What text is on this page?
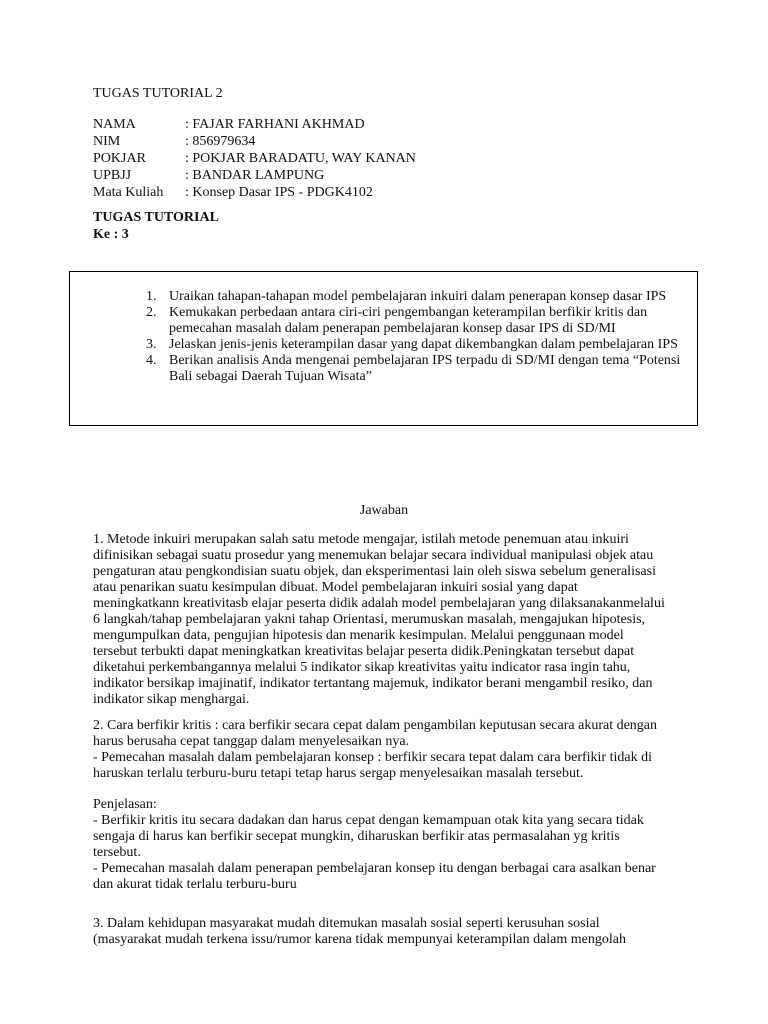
TUGAS TUTORIAL 2
NAMA	: FAJAR FARHANI AKHMAD
NIM	: 856979634
POKJAR	: POKJAR BARADATU, WAY KANAN
UPBJJ	: BANDAR LAMPUNG
Mata Kuliah	: Konsep Dasar IPS - PDGK4102
TUGAS TUTORIAL
Ke : 3
1. Uraikan tahapan-tahapan model pembelajaran inkuiri dalam penerapan konsep dasar IPS
2. Kemukakan perbedaan antara ciri-ciri pengembangan keterampilan berfikir kritis dan pemecahan masalah dalam penerapan pembelajaran konsep dasar IPS di SD/MI
3. Jelaskan jenis-jenis keterampilan dasar yang dapat dikembangkan dalam pembelajaran IPS
4. Berikan analisis Anda mengenai pembelajaran IPS terpadu di SD/MI dengan tema “Potensi Bali sebagai Daerah Tujuan Wisata”
Jawaban
1. Metode inkuiri merupakan salah satu metode mengajar, istilah metode penemuan atau inkuiri
difinisikan sebagai suatu prosedur yang menemukan belajar secara individual manipulasi objek atau
pengaturan atau pengkondisian suatu objek, dan eksperimentasi lain oleh siswa sebelum generalisasi
atau penarikan suatu kesimpulan dibuat. Model pembelajaran inkuiri sosial yang dapat
meningkatkann kreativitasb elajar peserta didik adalah model pembelajaran yang dilaksanakanmelalui
6 langkah/tahap pembelajaran yakni tahap Orientasi, merumuskan masalah, mengajukan hipotesis,
mengumpulkan data, pengujian hipotesis dan menarik kesimpulan. Melalui penggunaan model
tersebut terbukti dapat meningkatkan kreativitas belajar peserta didik.Peningkatan tersebut dapat
diketahui perkembangannya melalui 5 indikator sikap kreativitas yaitu indicator rasa ingin tahu,
indikator bersikap imajinatif, indikator tertantang majemuk, indikator berani mengambil resiko, dan
indikator sikap menghargai.
2. Cara berfikir kritis : cara berfikir secara cepat dalam pengambilan keputusan secara akurat dengan
harus berusaha cepat tanggap dalam menyelesaikan nya.
- Pemecahan masalah dalam pembelajaran konsep : berfikir secara tepat dalam cara berfikir tidak di
haruskan terlalu terburu-buru tetapi tetap harus sergap menyelesaikan masalah tersebut.
Penjelasan:
- Berfikir kritis itu secara dadakan dan harus cepat dengan kemampuan otak kita yang secara tidak
sengaja di harus kan berfikir secepat mungkin, diharuskan berfikir atas permasalahan yg kritis
tersebut.
- Pemecahan masalah dalam penerapan pembelajaran konsep itu dengan berbagai cara asalkan benar
dan akurat tidak terlalu terburu-buru
3. Dalam kehidupan masyarakat mudah ditemukan masalah sosial seperti kerusuhan sosial
(masyarakat mudah terkena issu/rumor karena tidak mempunyai keterampilan dalam mengolah
